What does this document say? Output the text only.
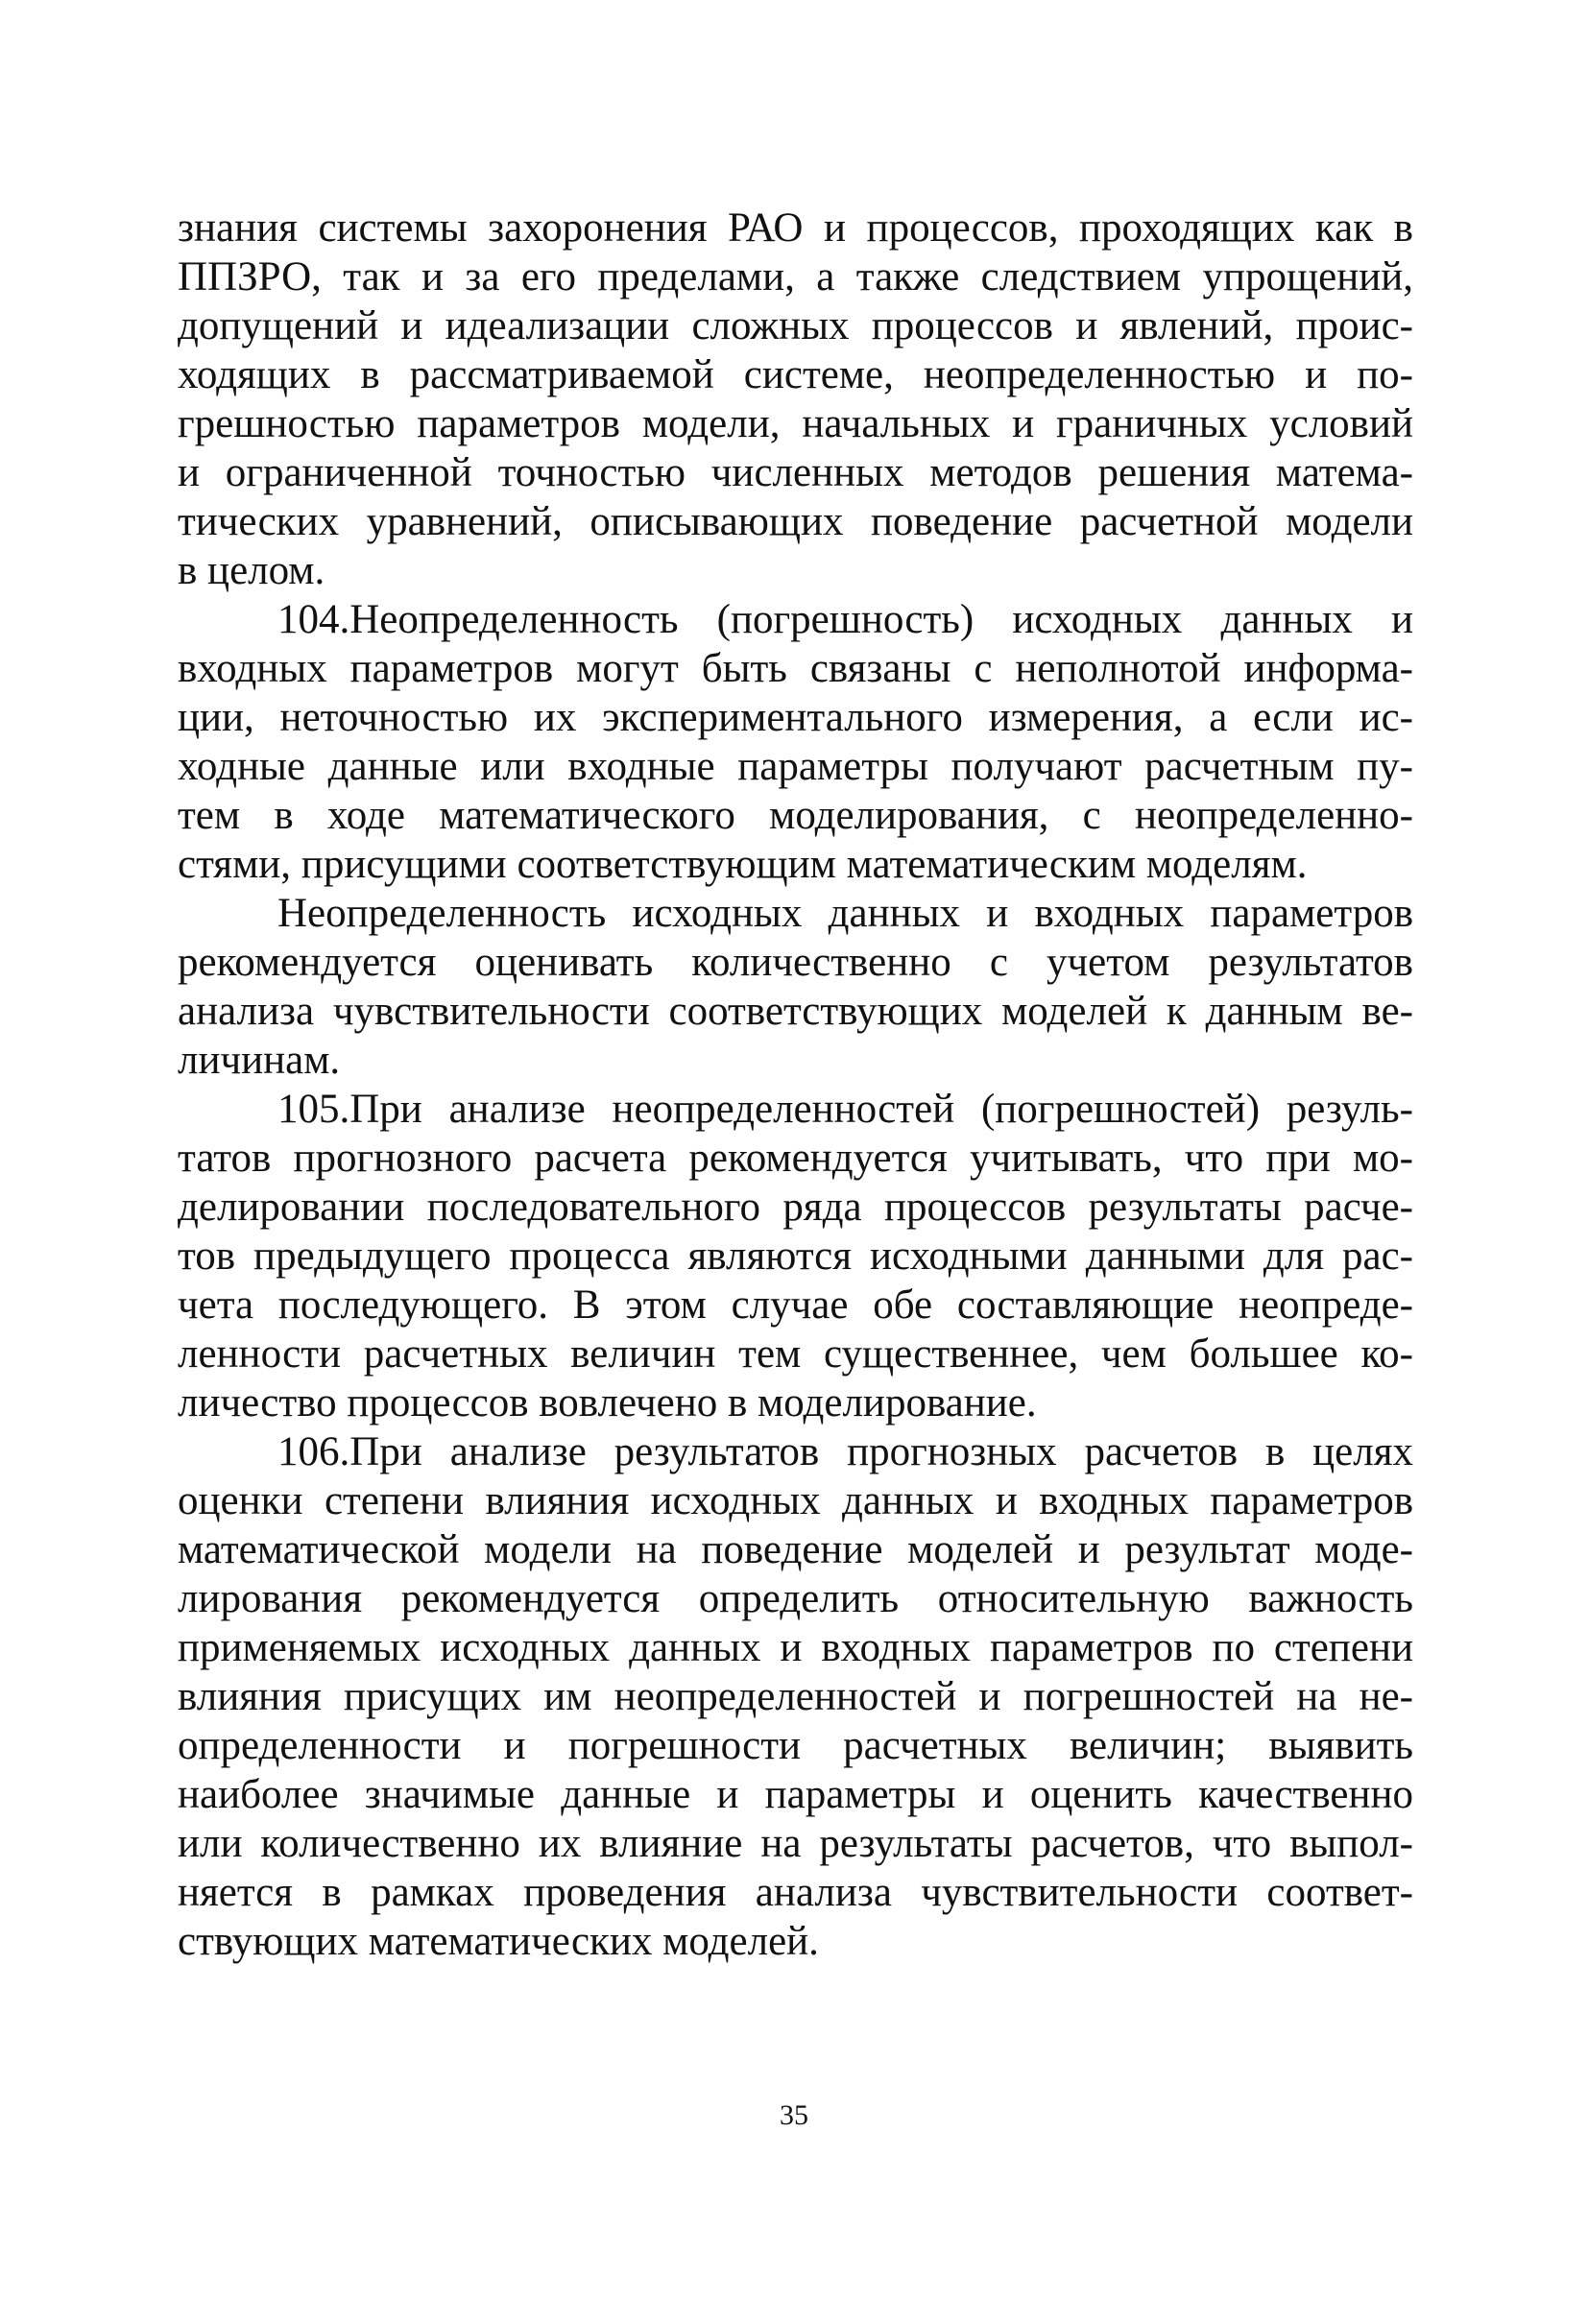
знания системы захоронения РАО и процессов, проходящих как в
ППЗРО, так и за его пределами, а также следствием упрощений,
допущений и идеализации сложных процессов и явлений, проис-
ходящих в рассматриваемой системе, неопределенностью и по-
грешностью параметров модели, начальных и граничных условий
и ограниченной точностью численных методов решения матема-
тических уравнений, описывающих поведение расчетной модели
в целом.
104.Неопределенность (погрешность) исходных данных и
входных параметров могут быть связаны с неполнотой информа-
ции, неточностью их экспериментального измерения, а если ис-
ходные данные или входные параметры получают расчетным пу-
тем в ходе математического моделирования, с неопределенно-
стями, присущими соответствующим математическим моделям.
Неопределенность исходных данных и входных параметров
рекомендуется оценивать количественно с учетом результатов
анализа чувствительности соответствующих моделей к данным ве-
личинам.
105.При анализе неопределенностей (погрешностей) резуль-
татов прогнозного расчета рекомендуется учитывать, что при мо-
делировании последовательного ряда процессов результаты расче-
тов предыдущего процесса являются исходными данными для рас-
чета последующего. В этом случае обе составляющие неопреде-
ленности расчетных величин тем существеннее, чем большее ко-
личество процессов вовлечено в моделирование.
106.При анализе результатов прогнозных расчетов в целях
оценки степени влияния исходных данных и входных параметров
математической модели на поведение моделей и результат моде-
лирования рекомендуется определить относительную важность
применяемых исходных данных и входных параметров по степени
влияния присущих им неопределенностей и погрешностей на не-
определенности и погрешности расчетных величин; выявить
наиболее значимые данные и параметры и оценить качественно
или количественно их влияние на результаты расчетов, что выпол-
няется в рамках проведения анализа чувствительности соответ-
ствующих математических моделей.
35
